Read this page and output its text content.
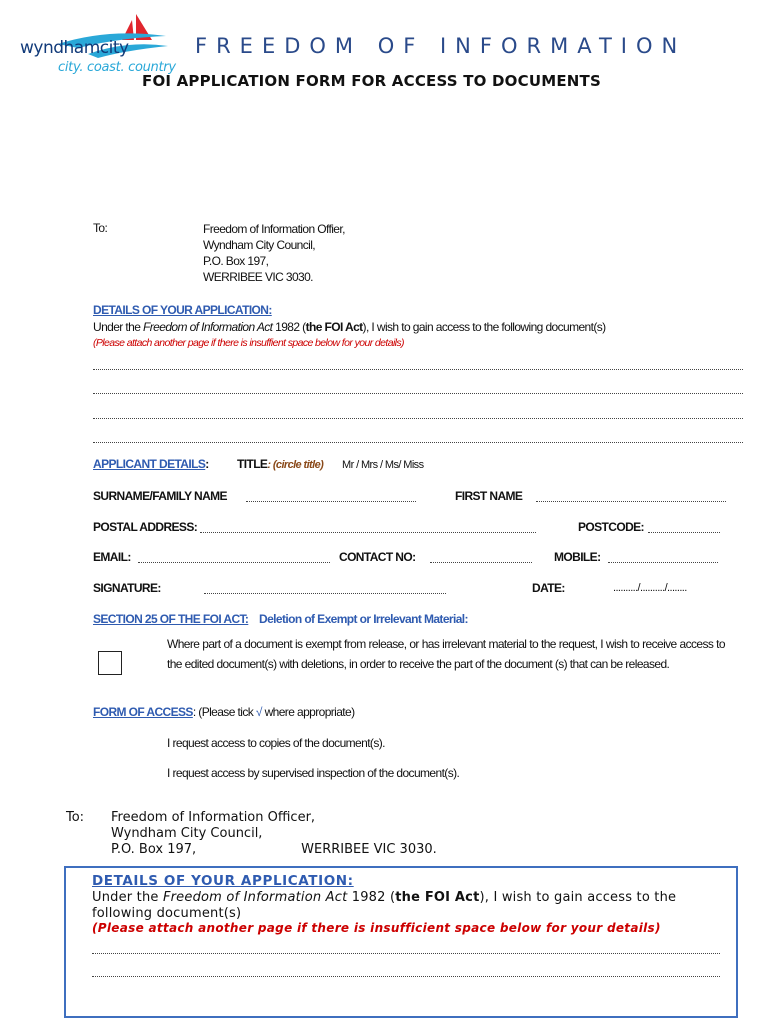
wyndhamcity
city. coast. country
FREEDOM OF INFORMATION
FOI APPLICATION FORM FOR ACCESS TO DOCUMENTS
To:	Freedom of Information Offier,
Wyndham City Council,
P.O. Box 197,
WERRIBEE VIC 3030.
DETAILS OF YOUR APPLICATION:
Under the Freedom of Information Act 1982 (the FOI Act), I wish to gain access to the following document(s)
(Please attach another page if there is insuffient space below for your details)
APPLICANT DETAILS: TITLE: (circle title) Mr / Mrs / Ms/ Miss
SURNAME/FAMILY NAME	FIRST NAME
POSTAL ADDRESS:	POSTCODE:
EMAIL:	CONTACT NO:	MOBILE:
SIGNATURE:	DATE:	........../........../........
SECTION 25 OF THE FOI ACT: Deletion of Exempt or Irrelevant Material:
Where part of a document is exempt from release, or has irrelevant material to the request, I wish to receive access to the edited document(s) with deletions, in order to receive the part of the document (s) that can be released.
FORM OF ACCESS: (Please tick √ where appropriate)
I request access to copies of the document(s).
I request access by supervised inspection of the document(s).
To: Freedom of Information Officer,
Wyndham City Council,
P.O. Box 197,	WERRIBEE VIC 3030.
DETAILS OF YOUR APPLICATION:
Under the Freedom of Information Act 1982 (the FOI Act), I wish to gain access to the following document(s)
(Please attach another page if there is insufficient space below for your details)
